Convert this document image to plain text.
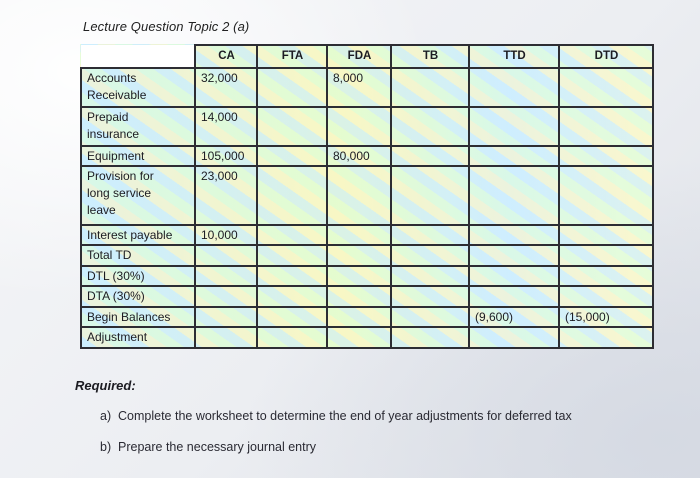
Lecture Question Topic 2 (a)
	CA	FTA	FDA	TB	TTD	DTD
Accounts
Receivable	32,000		8,000			
Prepaid
insurance	14,000					
Equipment	105,000		80,000			
Provision for
long service
leave	23,000					
Interest payable	10,000					
Total TD						
DTL (30%)						
DTA (30%)						
Begin Balances					(9,600)	(15,000)
Adjustment						
Required:
a) Complete the worksheet to determine the end of year adjustments for deferred tax
b) Prepare the necessary journal entry
